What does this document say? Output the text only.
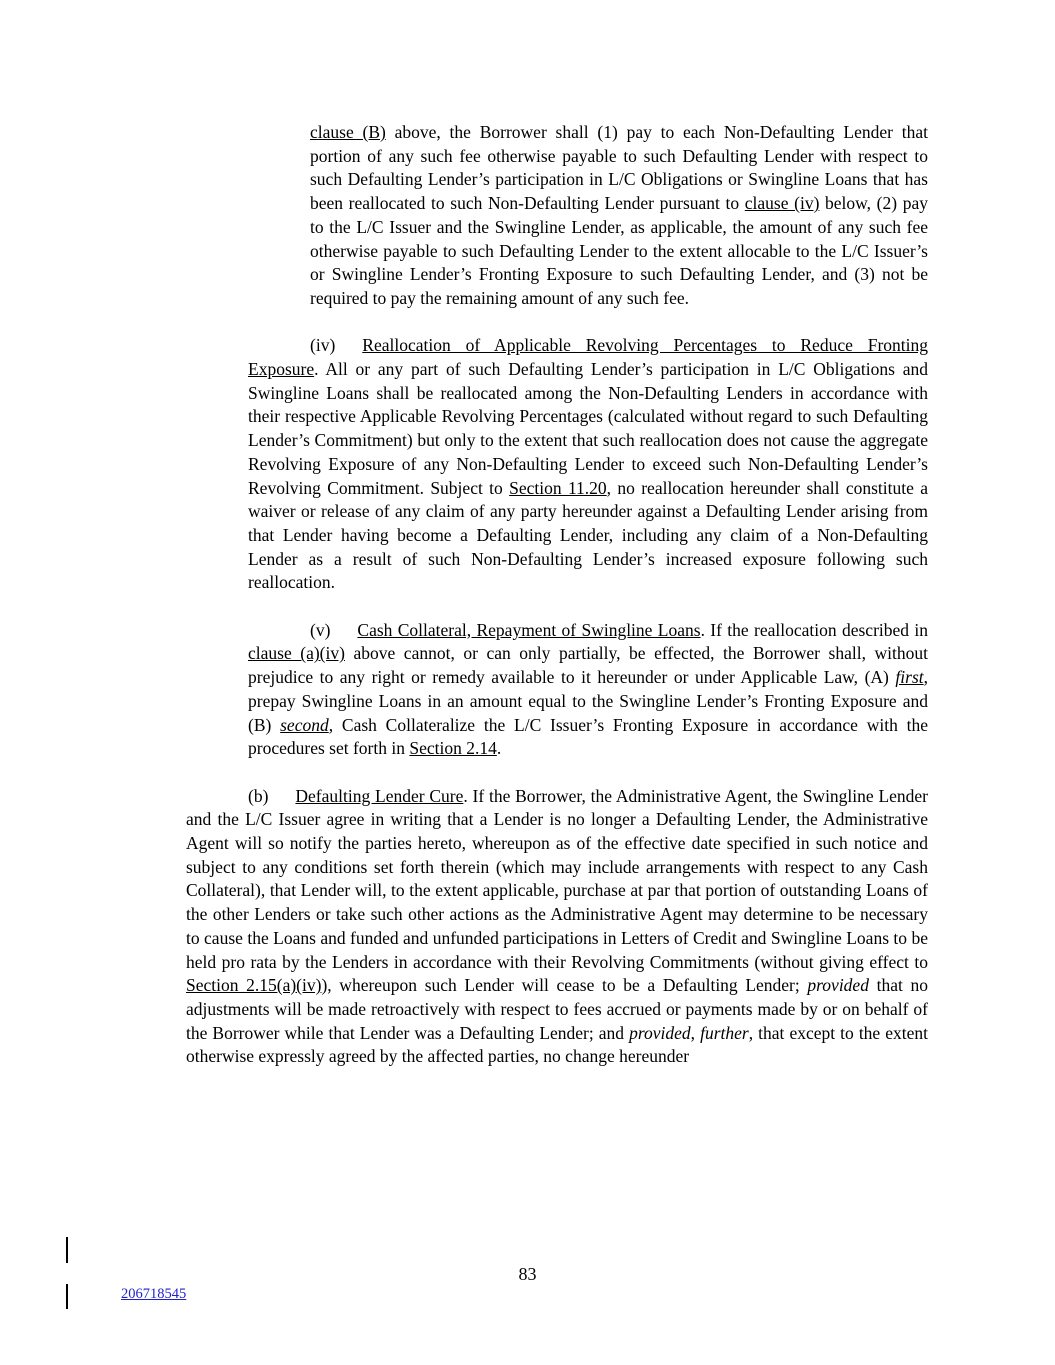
clause (B) above, the Borrower shall (1) pay to each Non-Defaulting Lender that portion of any such fee otherwise payable to such Defaulting Lender with respect to such Defaulting Lender’s participation in L/C Obligations or Swingline Loans that has been reallocated to such Non-Defaulting Lender pursuant to clause (iv) below, (2) pay to the L/C Issuer and the Swingline Lender, as applicable, the amount of any such fee otherwise payable to such Defaulting Lender to the extent allocable to the L/C Issuer’s or Swingline Lender’s Fronting Exposure to such Defaulting Lender, and (3) not be required to pay the remaining amount of any such fee.

(iv) Reallocation of Applicable Revolving Percentages to Reduce Fronting Exposure. All or any part of such Defaulting Lender’s participation in L/C Obligations and Swingline Loans shall be reallocated among the Non-Defaulting Lenders in accordance with their respective Applicable Revolving Percentages (calculated without regard to such Defaulting Lender’s Commitment) but only to the extent that such reallocation does not cause the aggregate Revolving Exposure of any Non-Defaulting Lender to exceed such Non-Defaulting Lender’s Revolving Commitment. Subject to Section 11.20, no reallocation hereunder shall constitute a waiver or release of any claim of any party hereunder against a Defaulting Lender arising from that Lender having become a Defaulting Lender, including any claim of a Non-Defaulting Lender as a result of such Non-Defaulting Lender’s increased exposure following such reallocation.

(v) Cash Collateral, Repayment of Swingline Loans. If the reallocation described in clause (a)(iv) above cannot, or can only partially, be effected, the Borrower shall, without prejudice to any right or remedy available to it hereunder or under Applicable Law, (A) first, prepay Swingline Loans in an amount equal to the Swingline Lender’s Fronting Exposure and (B) second, Cash Collateralize the L/C Issuer’s Fronting Exposure in accordance with the procedures set forth in Section 2.14.

(b) Defaulting Lender Cure. If the Borrower, the Administrative Agent, the Swingline Lender and the L/C Issuer agree in writing that a Lender is no longer a Defaulting Lender, the Administrative Agent will so notify the parties hereto, whereupon as of the effective date specified in such notice and subject to any conditions set forth therein (which may include arrangements with respect to any Cash Collateral), that Lender will, to the extent applicable, purchase at par that portion of outstanding Loans of the other Lenders or take such other actions as the Administrative Agent may determine to be necessary to cause the Loans and funded and unfunded participations in Letters of Credit and Swingline Loans to be held pro rata by the Lenders in accordance with their Revolving Commitments (without giving effect to Section 2.15(a)(iv)), whereupon such Lender will cease to be a Defaulting Lender; provided that no adjustments will be made retroactively with respect to fees accrued or payments made by or on behalf of the Borrower while that Lender was a Defaulting Lender; and provided, further, that except to the extent otherwise expressly agreed by the affected parties, no change hereunder

83
206718545
